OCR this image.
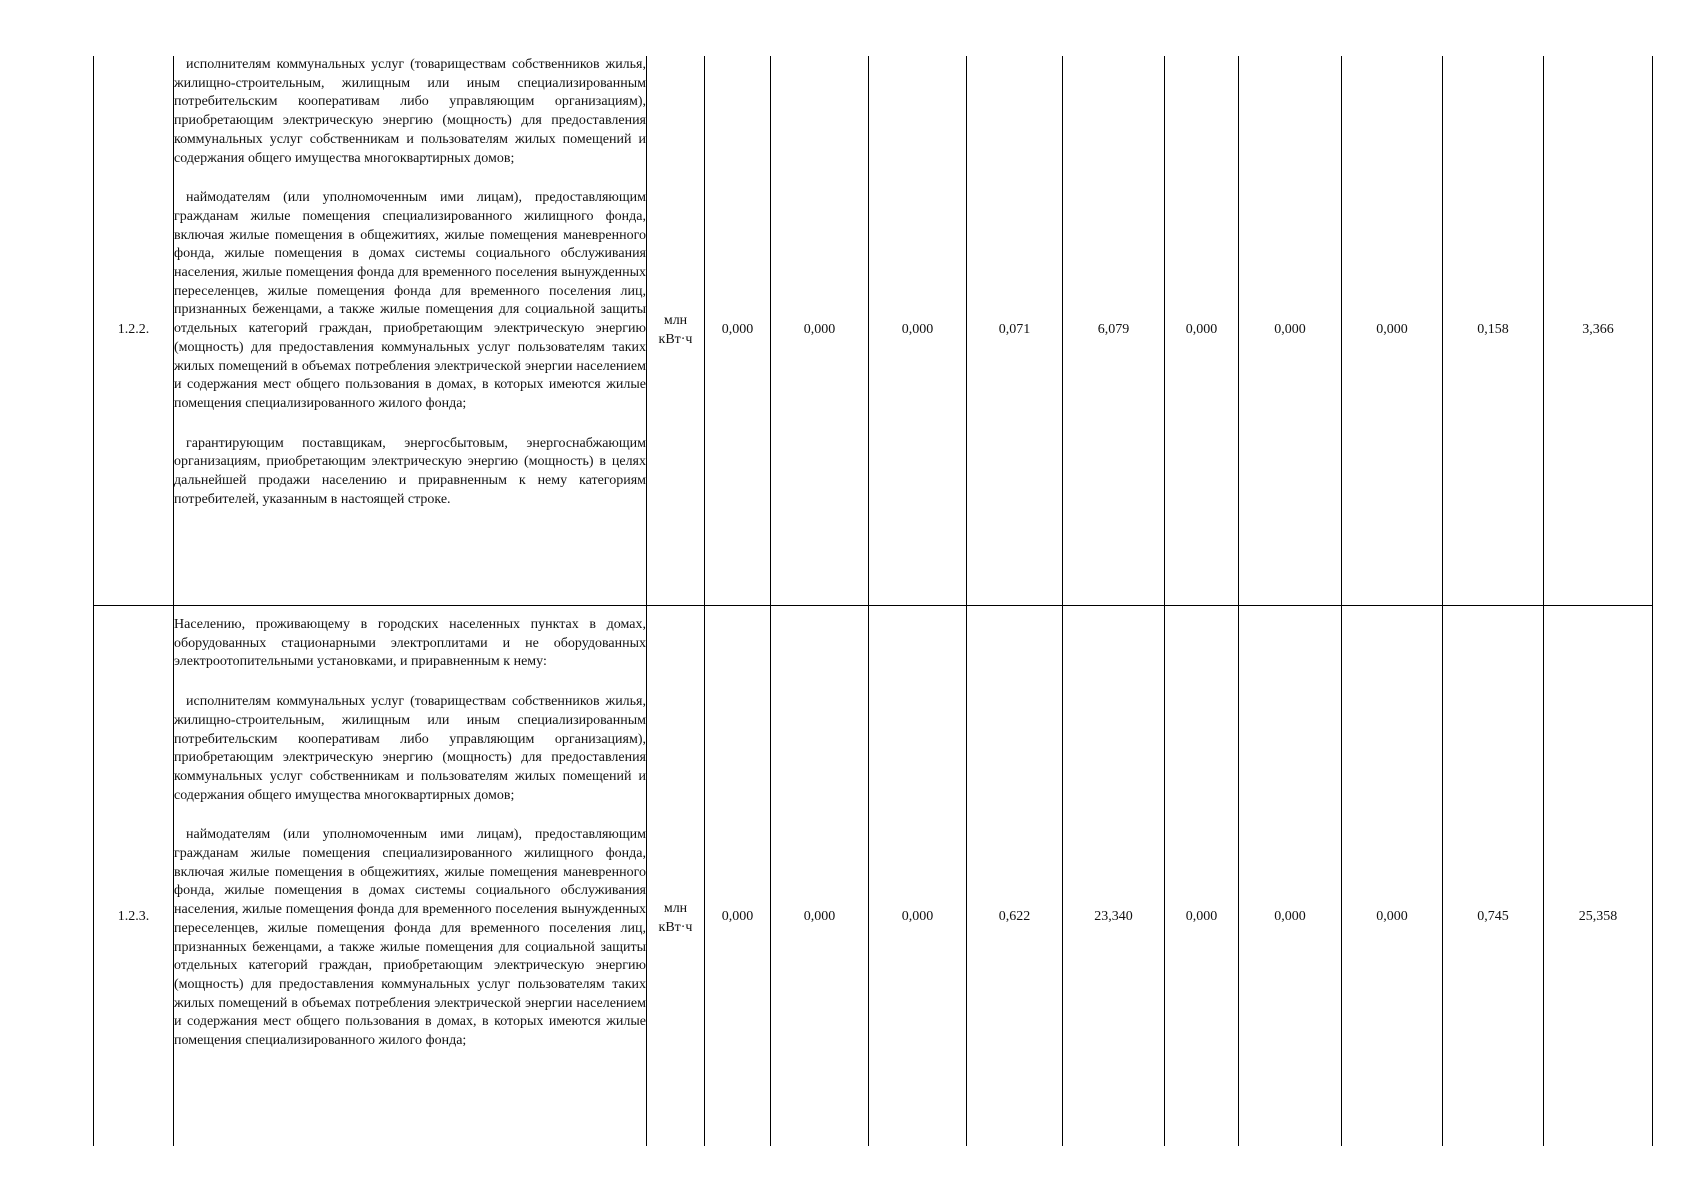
1.2.2.	исполнителям коммунальных услуг (товариществам собственников жилья, жилищно-строительным, жилищным или иным специализированным потребительским кооперативам либо управляющим организациям), приобретающим электрическую энергию (мощность) для предоставления коммунальных услуг собственникам и пользователям жилых помещений и содержания общего имущества многоквартирных домов;
наймодателям (или уполномоченным ими лицам), предоставляющим гражданам жилые помещения специализированного жилищного фонда, включая жилые помещения в общежитиях, жилые помещения маневренного фонда, жилые помещения в домах системы социального обслуживания населения, жилые помещения фонда для временного поселения вынужденных переселенцев, жилые помещения фонда для временного поселения лиц, признанных беженцами, а также жилые помещения для социальной защиты отдельных категорий граждан, приобретающим электрическую энергию (мощность) для предоставления коммунальных услуг пользователям таких жилых помещений в объемах потребления электрической энергии населением и содержания мест общего пользования в домах, в которых имеются жилые помещения специализированного жилого фонда;
гарантирующим поставщикам, энергосбытовым, энергоснабжающим организациям, приобретающим электрическую энергию (мощность) в целях дальнейшей продажи населению и приравненным к нему категориям потребителей, указанным в настоящей строке.	млн кВт·ч	0,000	0,000	0,000	0,071	6,079	0,000	0,000	0,000	0,158	3,366

1.2.3.	Населению, проживающему в городских населенных пунктах в домах, оборудованных стационарными электроплитами и не оборудованных электроотопительными установками, и приравненным к нему:
исполнителям коммунальных услуг (товариществам собственников жилья, жилищно-строительным, жилищным или иным специализированным потребительским кооперативам либо управляющим организациям), приобретающим электрическую энергию (мощность) для предоставления коммунальных услуг собственникам и пользователям жилых помещений и содержания общего имущества многоквартирных домов;
наймодателям (или уполномоченным ими лицам), предоставляющим гражданам жилые помещения специализированного жилищного фонда, включая жилые помещения в общежитиях, жилые помещения маневренного фонда, жилые помещения в домах системы социального обслуживания населения, жилые помещения фонда для временного поселения вынужденных переселенцев, жилые помещения фонда для временного поселения лиц, признанных беженцами, а также жилые помещения для социальной защиты отдельных категорий граждан, приобретающим электрическую энергию (мощность) для предоставления коммунальных услуг пользователям таких жилых помещений в объемах потребления электрической энергии населением и содержания мест общего пользования в домах, в которых имеются жилые помещения специализированного жилого фонда;	млн кВт·ч	0,000	0,000	0,000	0,622	23,340	0,000	0,000	0,000	0,745	25,358
